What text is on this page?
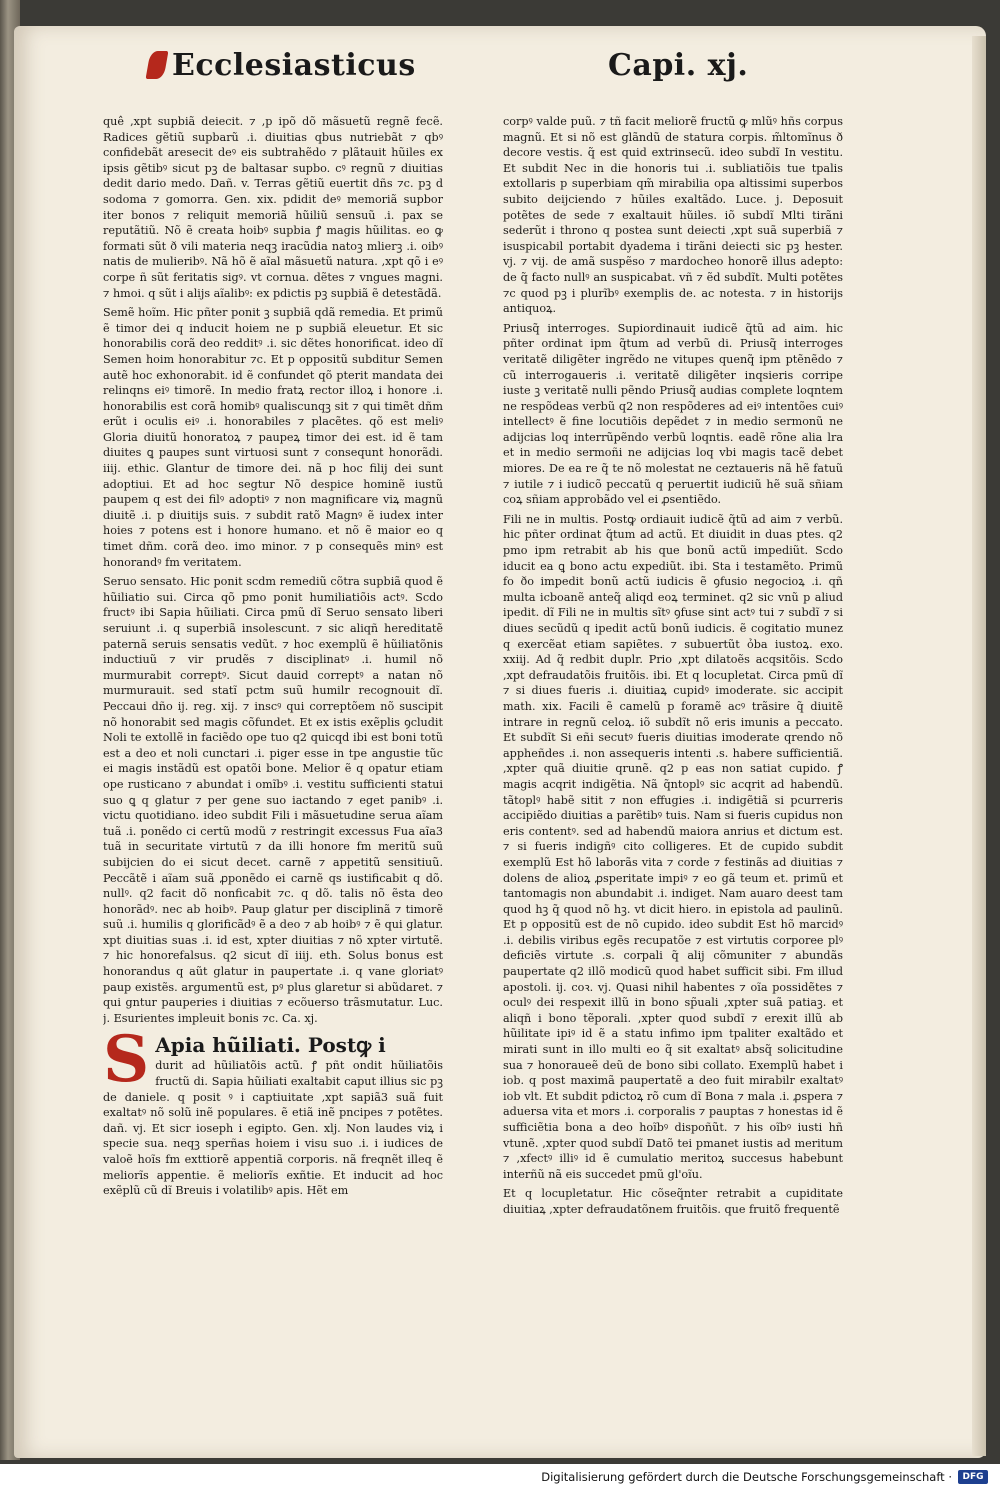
Ecclesiasticus	Capi. xj.

quê ,xpt supbiã deiecit. ⁊ ,p ipõ dõ mãsuetũ regnẽ fecẽ. Radices gẽtiũ supbarũ .i. diuitias qbus nutriebãt ⁊ qbꝰ confidebãt aresecit deꝰ eis subtrahẽdo ⁊ plãtauit hũiles ex ipsis gẽtibꝰ sicut pꝫ de baltasar supbo. cꝰ regnũ ⁊ diuitias dedit dario medo. Dañ. v. Terras gẽtiũ euertit dñs ⁊c. pꝫ d sodoma ⁊ gomorra. Gen. xix. pdidit deꝰ memoriã supbor iter bonos ⁊ reliquit memoriã hũiliũ sensuũ .i. pax se reputãtiũ. Nõ ẽ creata hoibꝰ supbia ꝭ magis hũilitas. eo ꝙ formati sũt ð vili materia neqꝫ iracũdia natoꝫ mlierꝫ .i. oibꝰ natis de mulieribꝰ. Nã hõ ẽ aĩal mãsuetũ natura. ,xpt qõ i eꝰ corpe ñ sũt feritatis sigꝰ. vt cornua. dẽtes ⁊ vngues magni. ⁊ hmoi. q sũt i alijs aĩalibꝰ: ex pdictis pꝫ supbiã ẽ detestãdã.

Semẽ hoĩm. Hic pñter ponit ꝫ supbiã qdã remedia. Et primũ ẽ timor dei q inducit hoiem ne p supbiã eleuetur. Et sic honorabilis corã deo redditꝰ .i. sic dẽtes honorificat. ideo dĩ Semen hoim honorabitur ⁊c. Et p oppositũ subditur Semen autẽ hoc exhonorabit. id ẽ confundet qõ pterit mandata dei relinqns eiꝰ timorẽ. In medio fratꝝ rector illoꝝ i honore .i. honorabilis est corã homibꝰ qualiscunqꝫ sit ⁊ qui timẽt dñm erũt i oculis eiꝰ .i. honorabiles ⁊ placẽtes. qõ est meliꝰ Gloria diuitũ honoratoꝝ ⁊ paupeꝝ timor dei est. id ẽ tam diuites ꝗ paupes sunt virtuosi sunt ⁊ consequnt honorãdi. iiij. ethic. Glantur de timore dei. nã p hoc filij dei sunt adoptiui. Et ad hoc segtur Nõ despice hominẽ iustũ paupem q est dei filꝰ adoptiꝰ ⁊ non magnificare viꝝ magnũ diuitẽ .i. p diuitijs suis. ⁊ subdit ratõ Magnꝰ ẽ iudex inter hoies ⁊ potens est i honore humano. et nõ ẽ maior eo q timet dñm. corã deo. imo minor. ⁊ p consequẽs minꝰ est honorandꝰ fm veritatem.

Seruo sensato. Hic ponit scdm remediũ cõtra supbiã quod ẽ hũiliatio sui. Circa qõ pmo ponit humiliatiõis actꝰ. Scdo fructꝰ ibi Sapia hũiliati. Circa pmũ dĩ Seruo sensato liberi seruiunt .i. q superbiã insolescunt. ⁊ sic aliqñ hereditatẽ paternã seruis sensatis vedũt. ⁊ hoc exemplũ ẽ hũiliatõnis inductiuũ ⁊ vir prudẽs ⁊ disciplinatꝰ .i. humil nõ murmurabit correptꝰ. Sicut dauid correptꝰ a natan nõ murmurauit. sed statĩ pctm suũ humilr recognouit dĩ. Peccaui dño ij. reg. xij. ⁊ inscꝰ qui correptõem nõ suscipit nõ honorabit sed magis cõfundet. Et ex istis exẽplis ꝯcludit Noli te extollẽ in faciẽdo ope tuo q2 quicqd ibi est boni totũ est a deo et noli cunctari .i. piger esse in tpe angustie tũc ei magis instãdũ est opatõi bone. Melior ẽ q opatur etiam ope rusticano ⁊ abundat i omĩbꝰ .i. vestitu sufficienti statui suo ꝗ q glatur ⁊ per gene suo iactando ⁊ eget panibꝰ .i. victu quotidiano. ideo subdit Fili i mãsuetudine serua aĩam tuã .i. ponẽdo ci certũ modũ ⁊ restringit excessus Fua aĩa3 tuã in securitate virtutũ ⁊ da illi honore fm meritũ suũ subijcien do ei sicut decet. carnẽ ⁊ appetitũ sensitiuũ. Peccãtẽ i aĩam suã ꝓponẽdo ei carnẽ qs iustificabit q dõ. nullꝰ. q2 facit dõ nonficabit ⁊c. q dõ. talis nõ ẽsta deo honorãdꝰ. nec ab hoibꝰ. Paup glatur per disciplinã ⁊ timorẽ suũ .i. humilis q glorificãdꝰ ẽ a deo ⁊ ab hoibꝰ ⁊ ẽ qui glatur. xpt diuitias suas .i. id est, xpter diuitias ⁊ nõ xpter virtutẽ. ⁊ hic honorefalsus. q2 sicut dĩ iiij. eth. Solus bonus est honorandus q aũt glatur in paupertate .i. q vane gloriatꝰ paup existẽs. argumentũ est, pꝰ plus glaretur si abũdaret. ⁊ qui gntur pauperies i diuitias ⁊ ecõuerso trãsmutatur. Luc. j. Esurientes impleuit bonis ⁊c. Ca. xj.

S Apia hũiliati. Postꝙ i
durit ad hũiliatõis actũ. ꝭ pñt ondit hũiliatõis fructũ di. Sapia hũiliati exaltabit caput illius sic pꝫ de daniele. q posit ꝰ i captiuitate ,xpt sapiã3 suã fuit exaltatꝰ nõ solũ inẽ populares. ẽ etiã inẽ pncipes ⁊ potẽtes. dañ. vj. Et sicr ioseph i egipto. Gen. xlj. Non laudes viꝝ i specie sua. neqꝫ sperñas hoiem i visu suo .i. i iudices de valoẽ hoĩs fm exttiorẽ appentiã corporis. nã freqnẽt illeq ẽ meliorĩs appentie. ẽ meliorĩs exñtie. Et inducit ad hoc exẽplũ cũ dĩ Breuis i volatilibꝰ apis. Hẽt em

corpꝰ valde puũ. ⁊ tñ facit meliorẽ fructũ ꝙ mlũꝰ hñs corpus magnũ. Et si nõ est glãndũ de statura corpis. m̃ltomĩnus ð decore vestis. q̃ est quid extrinsecũ. ideo subdĩ In vestitu. Et subdit Nec in die honoris tui .i. subliatiõis tue tpalis extollaris p superbiam qm̃ mirabilia opa altissimi superbos subito deijciendo ⁊ hũiles exaltãdo. Luce. j. Deposuit potẽtes de sede ⁊ exaltauit hũiles. iõ subdĩ Mlti tirãni sederũt i throno q postea sunt deiecti ,xpt suã superbiã ⁊ isuspicabil portabit dyadema i tirãni deiecti sic pꝫ hester. vj. ⁊ vij. de amã suspẽso ⁊ mardocheo honorẽ illus adepto: de q̃ facto nullꝰ an suspicabat. vñ ⁊ ẽd subdĩt. Multi potẽtes ⁊c quod pꝫ i plurĩbꝰ exemplis de. ac notesta. ⁊ in historijs antiquoꝝ.

Priusq̃ interroges. Supiordinauit iudicẽ q̃tũ ad aim. hic pñter ordinat ipm q̃tum ad verbũ di. Priusq̃ interroges veritatẽ diligẽter ingrẽdo ne vitupes quenq̃ ipm ptẽnẽdo ⁊ cũ interrogaueris .i. veritatẽ diligẽter inqsieris corripe iuste ꝫ veritatẽ nulli pẽndo Priusq̃ audias complete loqntem ne respõdeas verbũ q2 non respõderes ad eiꝰ intentões cuiꝰ intellectꝰ ẽ fine locutiõis depẽdet ⁊ in medio sermonũ ne adijcias loq interrũpẽndo verbũ loqntis. eadẽ rõne alia lra et in medio sermoñi ne adijcias loq vbi magis tacẽ debet miores. De ea re q̃ te nõ molestat ne ceztaueris nã hẽ fatuũ ⁊ iutile ⁊ i iudicõ peccatũ q peruertit iudiciũ hẽ suã sñiam coꝝ sñiam approbãdo vel ei ꝓsentiẽdo.

Fili ne in multis. Postꝙ ordiauit iudicẽ q̃tũ ad aim ⁊ verbũ. hic pñter ordinat q̃tum ad actũ. Et diuidit in duas ptes. q2 pmo ipm retrabit ab his que bonũ actũ impediũt. Scdo iducit ea ꝗ bono actu expediũt. ibi. Sta i testamẽto. Primũ fo ðo impedit bonũ actũ iudicis ẽ ꝯfusio negocioꝝ .i. qñ multa icboanẽ anteq̃ aliqd eoꝝ terminet. q2 sic vnũ p aliud ipedit. dĩ Fili ne in multis sĩtꝰ ꝯfuse sint actꝰ tui ⁊ subdĩ ⁊ si diues secũdũ q ipedit actũ bonũ iudicis. ẽ cogitatio munez q exercẽat etiam sapiẽtes. ⁊ subuertũt ỏba iustoꝝ. exo. xxiij. Ad q̃ redbit duplr. Prio ,xpt dilatoẽs acqsitõis. Scdo ,xpt defraudatõis fruitõis. ibi. Et q locupletat. Circa pmũ dĩ ⁊ si diues fueris .i. diuitiaꝝ cupidꝰ imoderate. sic accipit math. xix. Facili ẽ camelũ p foramẽ acꝰ trãsire q̃ diuitẽ intrare in regnũ celoꝝ. iõ subdĩt nõ eris imunis a peccato. Et subdĩt Si eñi secutꝰ fueris diuitias imoderate qrendo nõ appheñdes .i. non assequeris intenti .s. habere sufficientiã. ,xpter quã diuitie qrunẽ. q2 p eas non satiat cupido. ꝭ magis acqrit indigẽtia. Nã q̃ntoplꝰ sic acqrit ad habendũ. tãtoplꝰ habẽ sitit ⁊ non effugies .i. indigẽtiã si pcurreris accipiẽdo diuitias a parẽtibꝰ tuis. Nam si fueris cupidus non eris contentꝰ. sed ad habendũ maiora anrius et dictum est. ⁊ si fueris indigñꝰ cito colligeres. Et de cupido subdit exemplũ Est hõ laborãs vita ⁊ corde ⁊ festinãs ad diuitias ⁊ dolens de alioꝝ ꝓsperitate impiꝰ ⁊ eo gã teum et. primũ et tantomagis non abundabit .i. indiget. Nam auaro deest tam quod hꝫ q̃ quod nõ hꝫ. vt dicit hiero. in epistola ad paulinũ. Et p oppositũ est de nõ cupido. ideo subdit Est hõ marcidꝰ .i. debilis viribus egẽs recupatõe ⁊ est virtutis corporee plꝰ deficiẽs virtute .s. corpali q̃ alij cõmuniter ⁊ abundãs paupertate q2 illõ modicũ quod habet sufficit sibi. Fm illud apostoli. ij. coꝛ. vj. Quasi nihil habentes ⁊ oĩa possidẽtes ⁊ oculꝰ dei respexit illũ in bono sp̃uali ,xpter suã patiaꝫ. et aliqñ i bono tẽporali. ,xpter quod subdĩ ⁊ erexit illũ ab hũilitate ipiꝰ id ẽ a statu infimo ipm tpaliter exaltãdo et mirati sunt in illo multi eo q̃ sit exaltatꝰ absq̃ solicitudine sua ⁊ honoraueẽ deũ de bono sibi collato. Exemplũ habet i iob. q post maximã paupertatẽ a deo fuit mirabilr exaltatꝰ iob vlt. Et subdit pdictoꝝ rõ cum dĩ Bona ⁊ mala .i. ꝓspera ⁊ aduersa vita et mors .i. corporalis ⁊ pauptas ⁊ honestas id ẽ sufficiẽtia bona a deo hoĩbꝰ dispoñũt. ⁊ his oĩbꝰ iusti hñ vtunẽ. ,xpter quod subdĩ Datõ tei pmanet iustis ad meritum ⁊ ,xfectꝰ illiꝰ id ẽ cumulatio meritoꝝ succesus habebunt interñũ nã eis succedet pmũ gl'oĩu.

Et q locupletatur. Hic cõseq̃nter retrabit a cupiditate diuitiaꝝ ,xpter defraudatõnem fruitõis. que fruitõ frequentẽ

Digitalisierung gefördert durch die Deutsche Forschungsgemeinschaft ·	DFG
